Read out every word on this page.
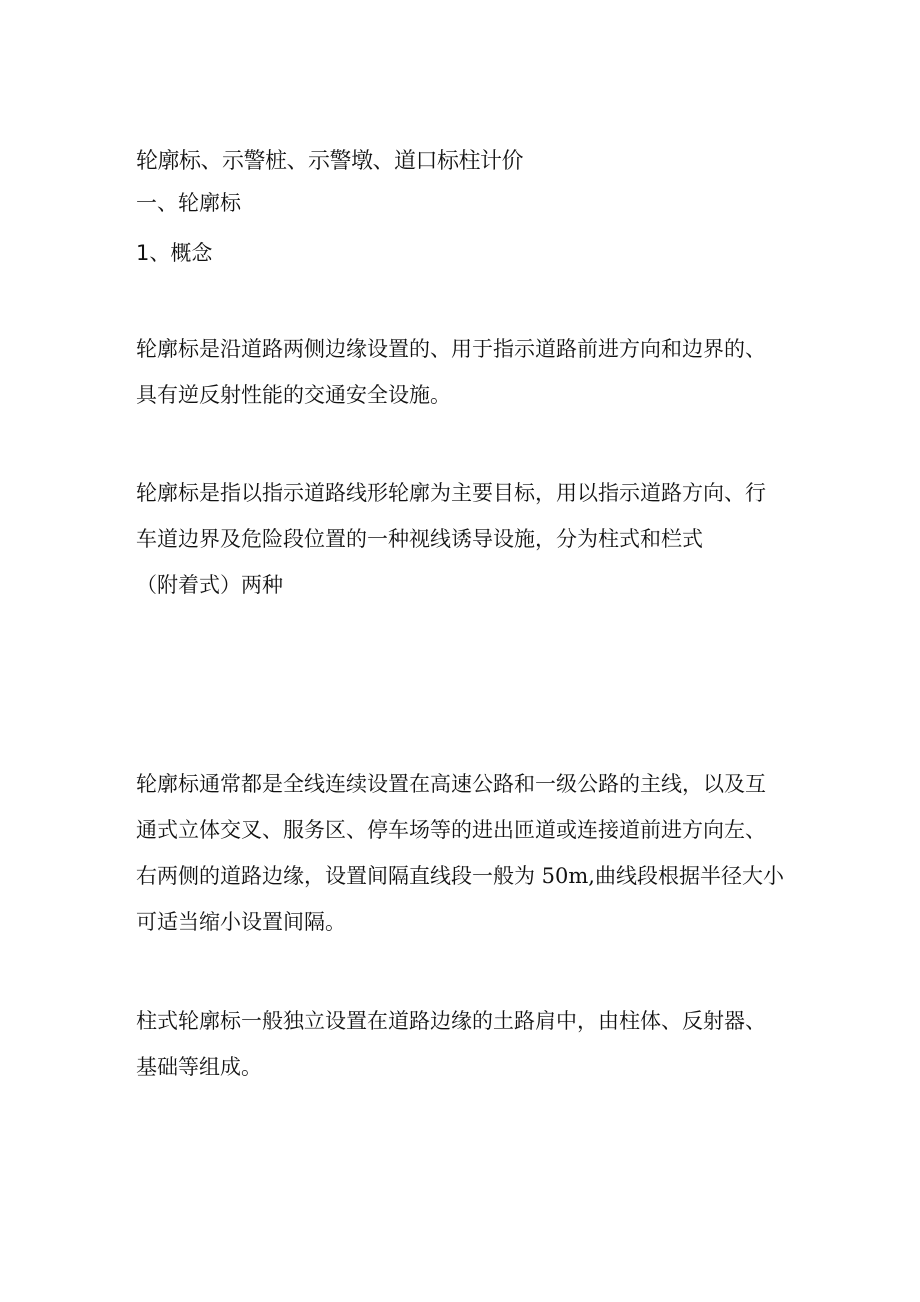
轮廓标、示警桩、示警墩、道口标柱计价
一、轮廓标
1、概念

轮廓标是沿道路两侧边缘设置的、用于指示道路前进方向和边界的、
具有逆反射性能的交通安全设施。

轮廓标是指以指示道路线形轮廓为主要目标，用以指示道路方向、行
车道边界及危险段位置的一种视线诱导设施，分为柱式和栏式
（附着式）两种

轮廓标通常都是全线连续设置在高速公路和一级公路的主线，以及互
通式立体交叉、服务区、停车场等的进出匝道或连接道前进方向左、
右两侧的道路边缘，设置间隔直线段一般为 50m,曲线段根据半径大小
可适当缩小设置间隔。

柱式轮廓标一般独立设置在道路边缘的土路肩中，由柱体、反射器、
基础等组成。
